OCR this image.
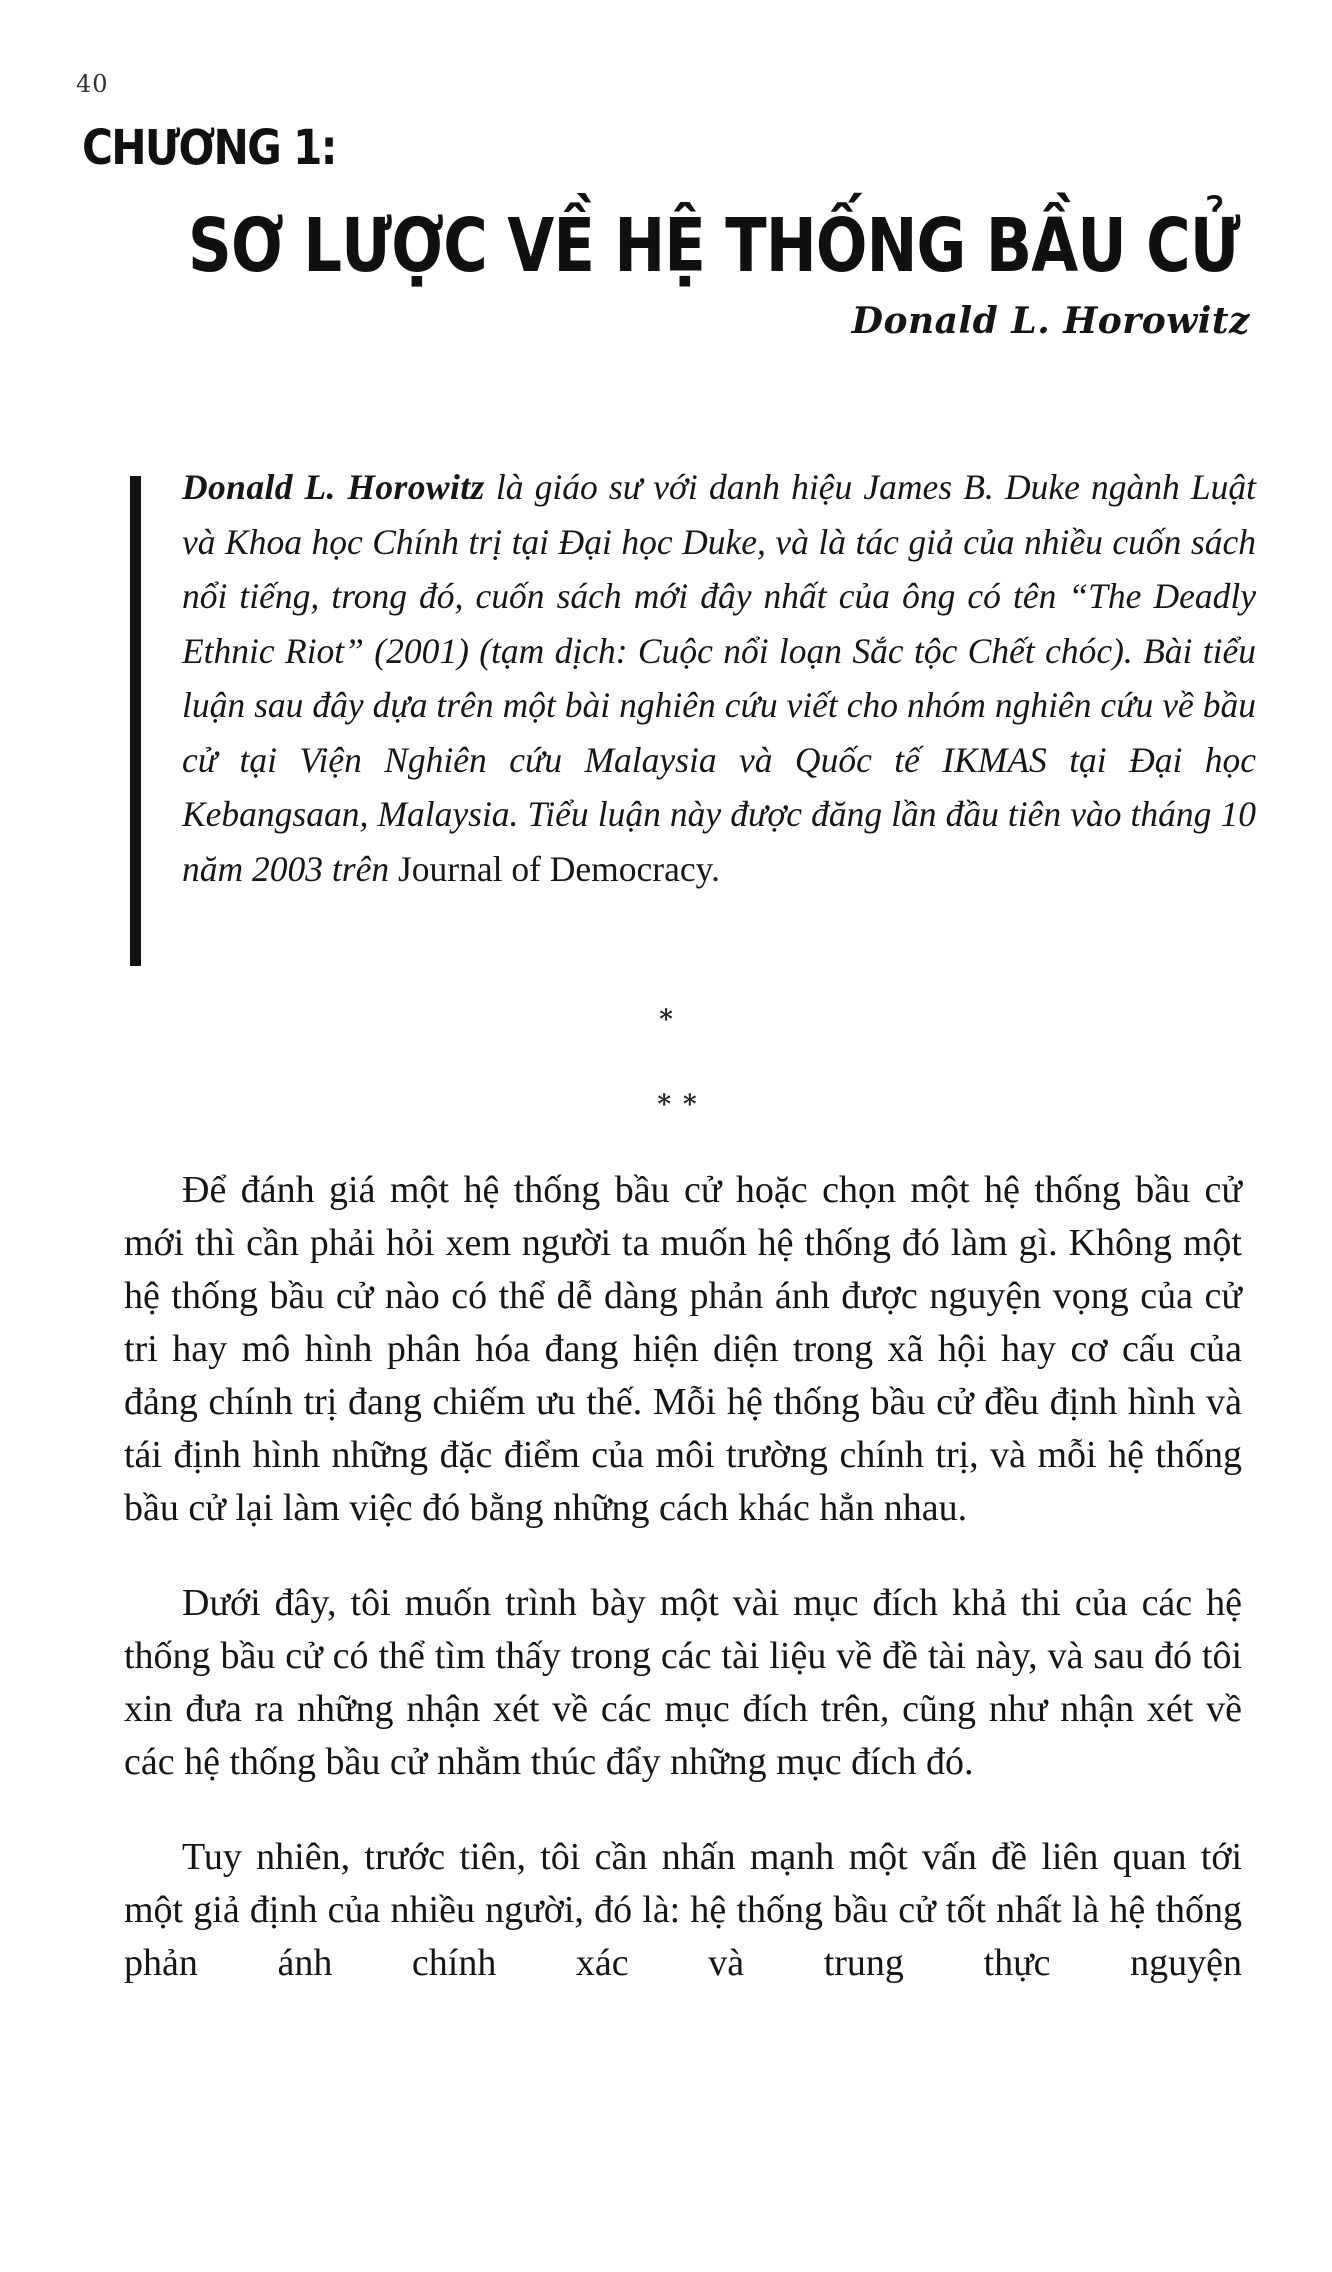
40
CHƯƠNG 1:
SƠ LƯỢC VỀ HỆ THỐNG BẦU CỬ
Donald L. Horowitz

Donald L. Horowitz là giáo sư với danh hiệu James B. Duke ngành Luật và Khoa học Chính trị tại Đại học Duke, và là tác giả của nhiều cuốn sách nổi tiếng, trong đó, cuốn sách mới đây nhất của ông có tên “The Deadly Ethnic Riot” (2001) (tạm dịch: Cuộc nổi loạn Sắc tộc Chết chóc). Bài tiểu luận sau đây dựa trên một bài nghiên cứu viết cho nhóm nghiên cứu về bầu cử tại Viện Nghiên cứu Malaysia và Quốc tế IKMAS tại Đại học Kebangsaan, Malaysia. Tiểu luận này được đăng lần đầu tiên vào tháng 10 năm 2003 trên Journal of Democracy.

*
**

Để đánh giá một hệ thống bầu cử hoặc chọn một hệ thống bầu cử mới thì cần phải hỏi xem người ta muốn hệ thống đó làm gì. Không một hệ thống bầu cử nào có thể dễ dàng phản ánh được nguyện vọng của cử tri hay mô hình phân hóa đang hiện diện trong xã hội hay cơ cấu của đảng chính trị đang chiếm ưu thế. Mỗi hệ thống bầu cử đều định hình và tái định hình những đặc điểm của môi trường chính trị, và mỗi hệ thống bầu cử lại làm việc đó bằng những cách khác hẳn nhau.

Dưới đây, tôi muốn trình bày một vài mục đích khả thi của các hệ thống bầu cử có thể tìm thấy trong các tài liệu về đề tài này, và sau đó tôi xin đưa ra những nhận xét về các mục đích trên, cũng như nhận xét về các hệ thống bầu cử nhằm thúc đẩy những mục đích đó.

Tuy nhiên, trước tiên, tôi cần nhấn mạnh một vấn đề liên quan tới một giả định của nhiều người, đó là: hệ thống bầu cử tốt nhất là hệ thống phản ánh chính xác và trung thực nguyện
